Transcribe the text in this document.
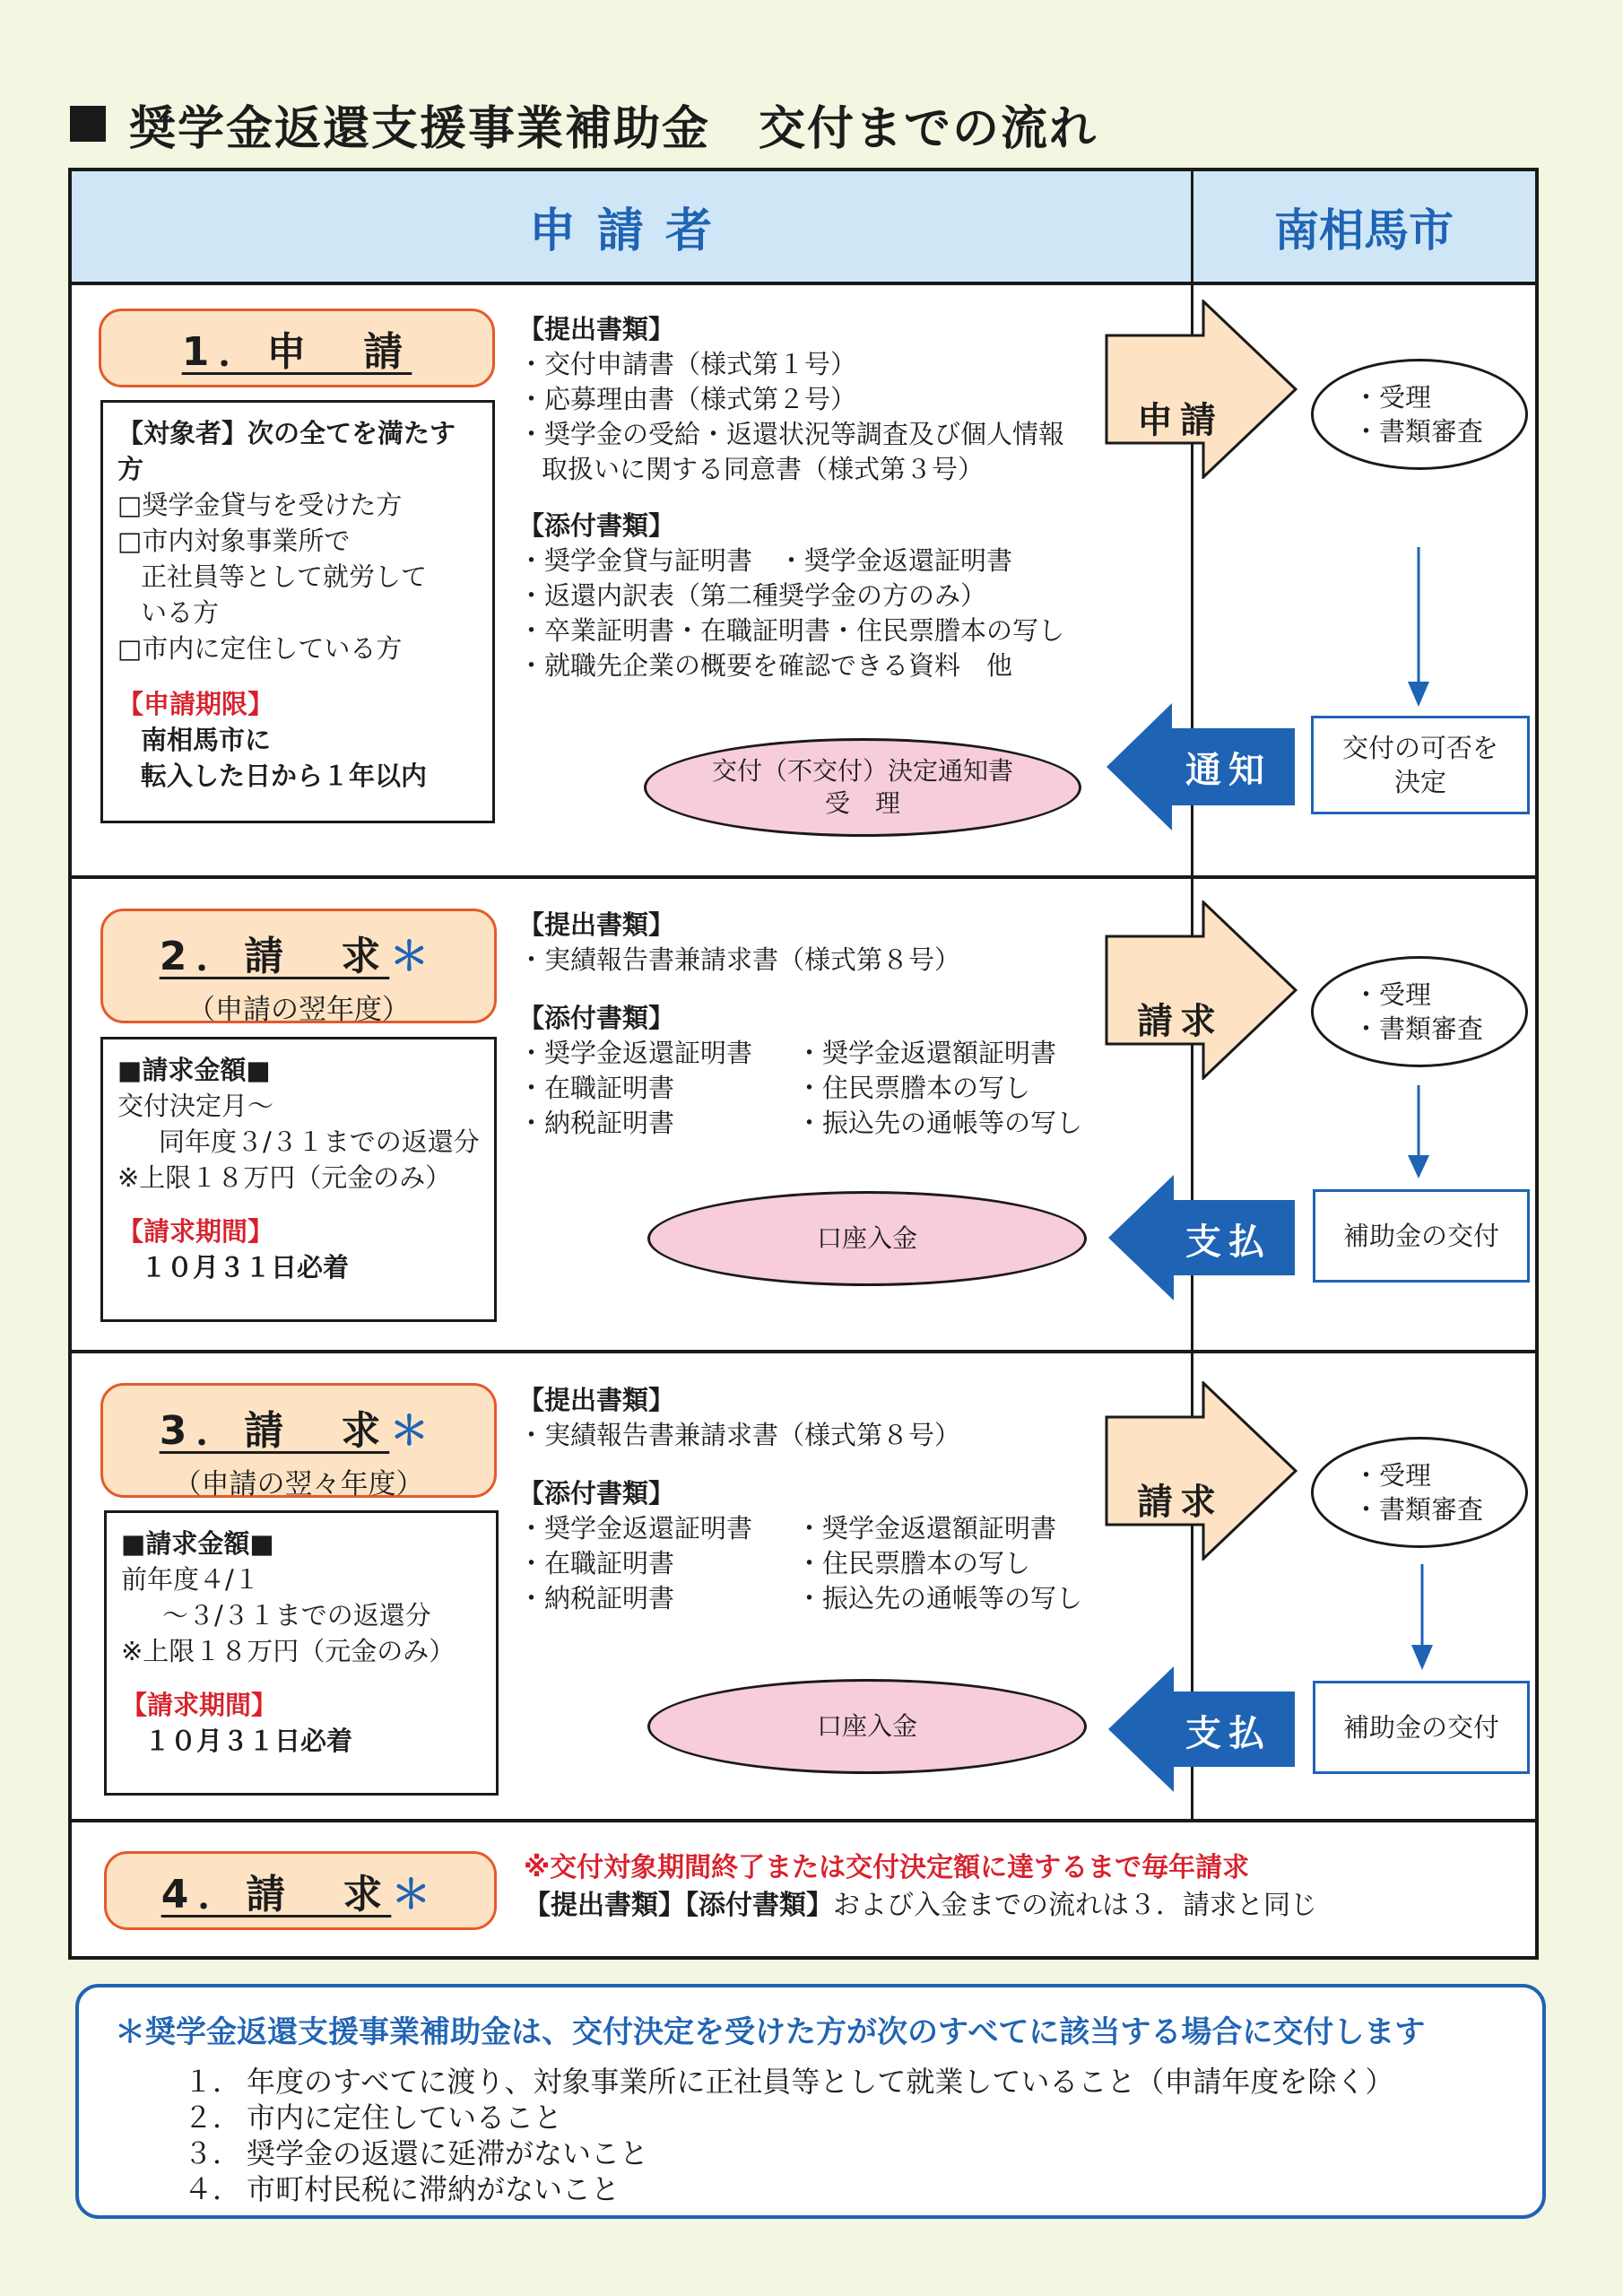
奨学金返還支援事業補助金　交付までの流れ
申請者	南相馬市
1．申　請
【対象者】次の全てを満たす方
□奨学金貸与を受けた方
□市内対象事業所で
正社員等として就労して
いる方
□市内に定住している方
【申請期限】
南相馬市に
転入した日から１年以内
【提出書類】
・交付申請書（様式第１号）
・応募理由書（様式第２号）
・奨学金の受給・返還状況等調査及び個人情報
取扱いに関する同意書（様式第３号）
【添付書類】
・奨学金貸与証明書　・奨学金返還証明書
・返還内訳表（第二種奨学金の方のみ）
・卒業証明書・在職証明書・住民票謄本の写し
・就職先企業の概要を確認できる資料　他
申請
・受理
・書類審査
交付の可否を
決定
通知
交付（不交付）決定通知書
受　理
2．請　求＊
（申請の翌年度）
■請求金額■
交付決定月～
同年度３/３１までの返還分
※上限１８万円（元金のみ）
【請求期間】
１０月３１日必着
【提出書類】
・実績報告書兼請求書（様式第８号）
【添付書類】
・奨学金返還証明書
・在職証明書
・納税証明書
・奨学金返還額証明書
・住民票謄本の写し
・振込先の通帳等の写し
請求
・受理
・書類審査
補助金の交付
支払
口座入金
3．請　求＊
（申請の翌々年度）
■請求金額■
前年度４/１
～３/３１までの返還分
※上限１８万円（元金のみ）
【請求期間】
１０月３１日必着
【提出書類】
・実績報告書兼請求書（様式第８号）
【添付書類】
・奨学金返還証明書
・在職証明書
・納税証明書
・奨学金返還額証明書
・住民票謄本の写し
・振込先の通帳等の写し
請求
・受理
・書類審査
補助金の交付
支払
口座入金
4．請　求＊
※交付対象期間終了または交付決定額に達するまで毎年請求
【提出書類】【添付書類】および入金までの流れは３．請求と同じ
＊奨学金返還支援事業補助金は、交付決定を受けた方が次のすべてに該当する場合に交付します
１． 年度のすべてに渡り、対象事業所に正社員等として就業していること（申請年度を除く）
２． 市内に定住していること
３． 奨学金の返還に延滞がないこと
４． 市町村民税に滞納がないこと
